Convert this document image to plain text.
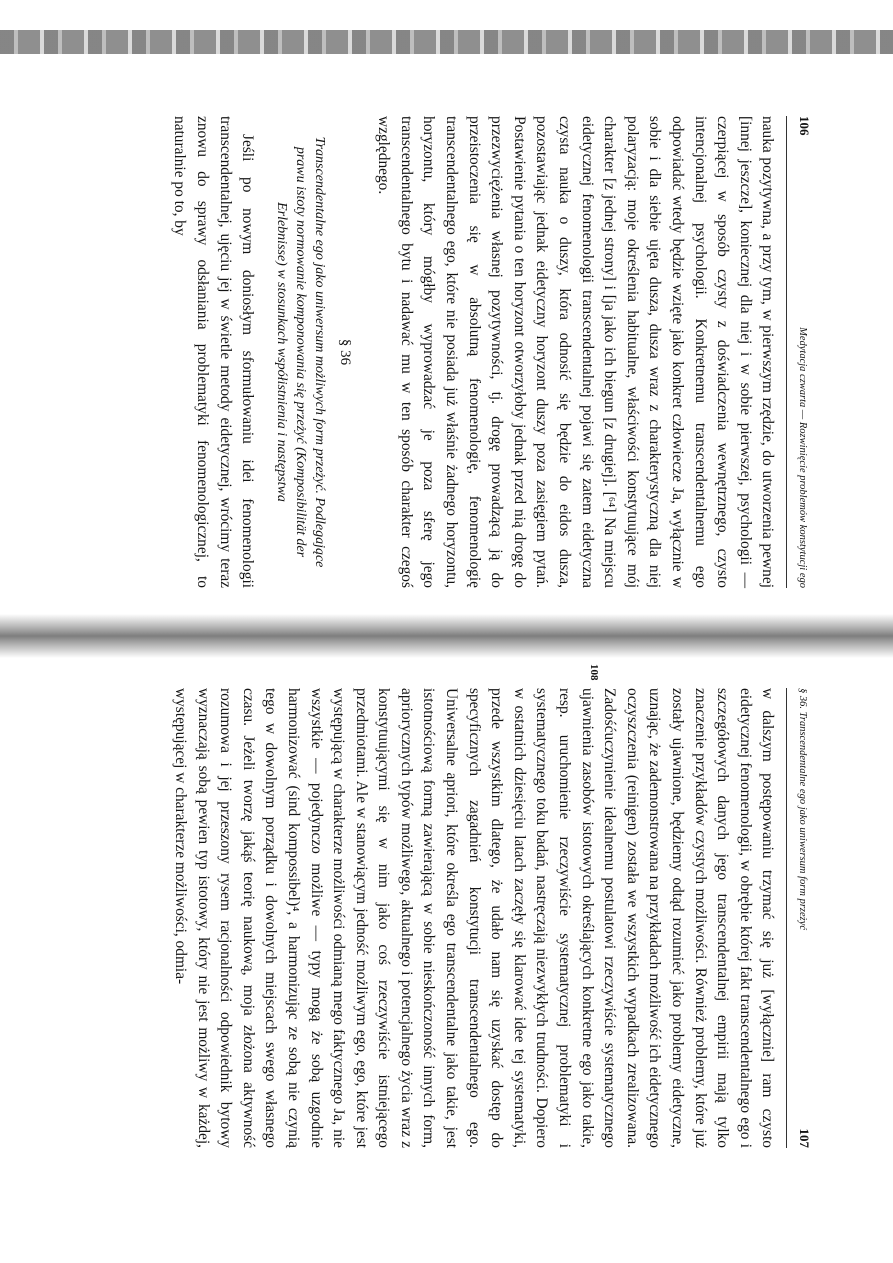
106
Medytacja czwarta — Rozwinięcie problemów konstytucji ego

nauka pozytywna, a przy tym, w pierwszym rzędzie, do utworzenia pewnej [innej jeszcze], koniecznej dla niej i w sobie pierwszej, psychologii — czerpiącej w sposób czysty z doświadczenia wewnętrznego, czysto intencjonalnej psychologii. Konkretnemu transcendentalnemu ego odpowiadać wtedy będzie wzięte jako konkret człowiecze Ja, wyłącznie w sobie i dla siebie ujęta dusza, dusza wraz z charakterystyczną dla niej polaryzacją: moje określenia habitualne, właściwości konstytuujące mój charakter [z jednej strony] i [ja jako ich biegun [z drugiej]. [⁶⁴] Na miejscu eidetycznej fenomenologii transcendentalnej pojawi się zatem eidetyczna czysta nauka o duszy, która odnosić się będzie do eidos dusza, pozostawiając jednak eidetyczny horyzont duszy poza zasięgiem pytań. Postawienie pytania o ten horyzont otworzyłoby jednak przed nią drogę do przezwyciężenia własnej pozytywności, tj. drogę prowadzącą ją do przeistoczenia się w absolutną fenomenologię, fenomenologię transcendentalnego ego, które nie posiada już właśnie żadnego horyzontu, horyzontu, który mógłby wyprowadzać je poza sferę jego transcendentalnego bytu i nadawać mu w ten sposób charakter czegoś względnego.

§ 36
Transcendentalne ego jako uniwersum możliwych form przeżyć. Podlegające prawu istoty normowanie komponowania się przeżyć (Komposibilität der Erlebnisse) w stosunkach współistnienia i następstwa

Jeśli po nowym doniosłym sformułowaniu idei fenomenologii transcendentalnej, ujęciu jej w świetle metody eidetycznej, wrócimy teraz znowu do sprawy odsłaniania problematyki fenomenologicznej, to naturalnie po to, by

§ 36. Transcendentalne ego jako uniwersum form przeżyć
107
108

w dalszym postępowaniu trzymać się już [wyłącznie] ram czysto eidetycznej fenomenologii, w obrębie której fakt transcendentalnego ego i szczegółowych danych jego transcendentalnej empirii mają tylko znaczenie przykładów czystych możliwości. Również problemy, które już zostały ujawnione, będziemy odtąd rozumieć jako problemy eidetyczne, uznając, że zademonstrowana na przykładach możliwość ich eidetycznego oczyszczenia (reinigen) została we wszystkich wypadkach zrealizowana. Zadośćuczynienie idealnemu postulatowi rzeczywiście systematycznego ujawnienia zasobów istotowych określających konkretne ego jako takie, resp. uruchomienie rzeczywiście systematycznej problematyki i systematycznego toku badań, nastręczają niezwykłych trudności. Dopiero w ostatnich dziesięciu latach zaczęły się klarować idee tej systematyki, przede wszystkim dlatego, że udało nam się uzyskać dostęp do specyficznych zagadnień konstytucji transcendentalnego ego. Uniwersalne apriori, które określa ego transcendentalne jako takie, jest istotnościową formą zawierającą w sobie nieskończoność innych form, apriorycznych typów możliwego, aktualnego i potencjalnego życia wraz z konstytuującymi się w nim jako coś rzeczywiście istniejącego przedmiotami. Ale w stanowiącym jedność możliwym ego, ego, które jest występującą w charakterze możliwości odmianą mego faktycznego Ja, nie wszystkie — pojedynczo możliwe — typy mogą że sobą uzgodnie harmonizować (sind kompossibel)⁴, a harmonizując ze sobą nie czynią tego w dowolnym porządku i dowolnych miejscach swego własnego czasu. Jeżeli tworzę jakąś teorię naukową, moja złożona aktywność rozumowa i jej przeszony rysem racjonalności odpowiednik bytowy wyznaczają sobą pewien typ istotowy, który nie jest możliwy w każdej, występującej w charakterze możliwości, odmia-
